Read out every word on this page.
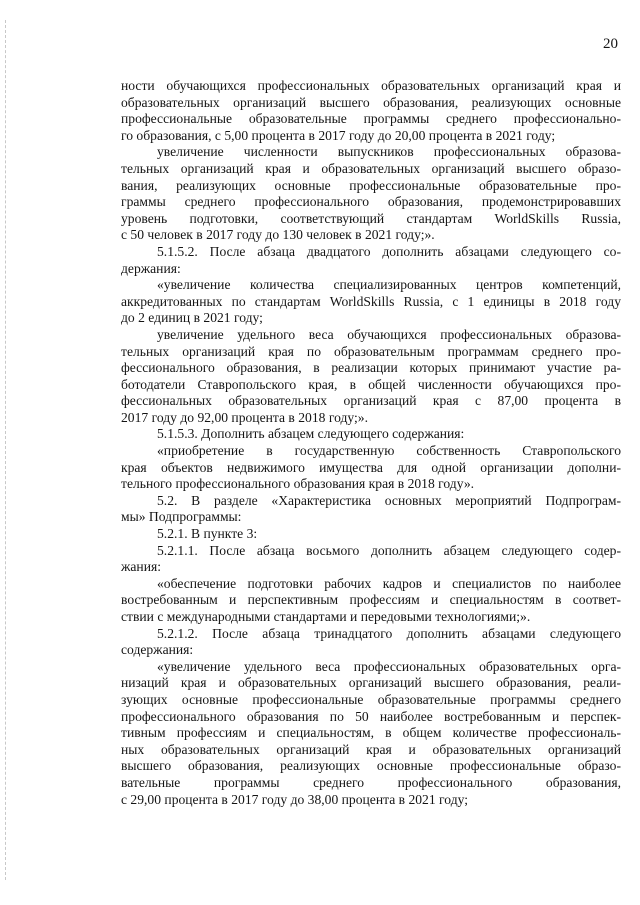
20
ности обучающихся профессиональных образовательных организаций края и
образовательных организаций высшего образования, реализующих основные
профессиональные образовательные программы среднего профессионально-
го образования, с 5,00 процента в 2017 году до 20,00 процента в 2021 году;
увеличение численности выпускников профессиональных образова-
тельных организаций края и образовательных организаций высшего образо-
вания, реализующих основные профессиональные образовательные про-
граммы среднего профессионального образования, продемонстрировавших
уровень подготовки, соответствующий стандартам WorldSkills Russia,
с 50 человек в 2017 году до 130 человек в 2021 году;».
5.1.5.2. После абзаца двадцатого дополнить абзацами следующего со-
держания:
«увеличение количества специализированных центров компетенций,
аккредитованных по стандартам WorldSkills Russia, с 1 единицы в 2018 году
до 2 единиц в 2021 году;
увеличение удельного веса обучающихся профессиональных образова-
тельных организаций края по образовательным программам среднего про-
фессионального образования, в реализации которых принимают участие ра-
ботодатели Ставропольского края, в общей численности обучающихся про-
фессиональных образовательных организаций края с 87,00 процента в
2017 году до 92,00 процента в 2018 году;».
5.1.5.3. Дополнить абзацем следующего содержания:
«приобретение в государственную собственность Ставропольского
края объектов недвижимого имущества для одной организации дополни-
тельного профессионального образования края в 2018 году».
5.2. В разделе «Характеристика основных мероприятий Подпрограм-
мы» Подпрограммы:
5.2.1. В пункте 3:
5.2.1.1. После абзаца восьмого дополнить абзацем следующего содер-
жания:
«обеспечение подготовки рабочих кадров и специалистов по наиболее
востребованным и перспективным профессиям и специальностям в соответ-
ствии с международными стандартами и передовыми технологиями;».
5.2.1.2. После абзаца тринадцатого дополнить абзацами следующего
содержания:
«увеличение удельного веса профессиональных образовательных орга-
низаций края и образовательных организаций высшего образования, реали-
зующих основные профессиональные образовательные программы среднего
профессионального образования по 50 наиболее востребованным и перспек-
тивным профессиям и специальностям, в общем количестве профессиональ-
ных образовательных организаций края и образовательных организаций
высшего образования, реализующих основные профессиональные образо-
вательные программы среднего профессионального образования,
с 29,00 процента в 2017 году до 38,00 процента в 2021 году;
